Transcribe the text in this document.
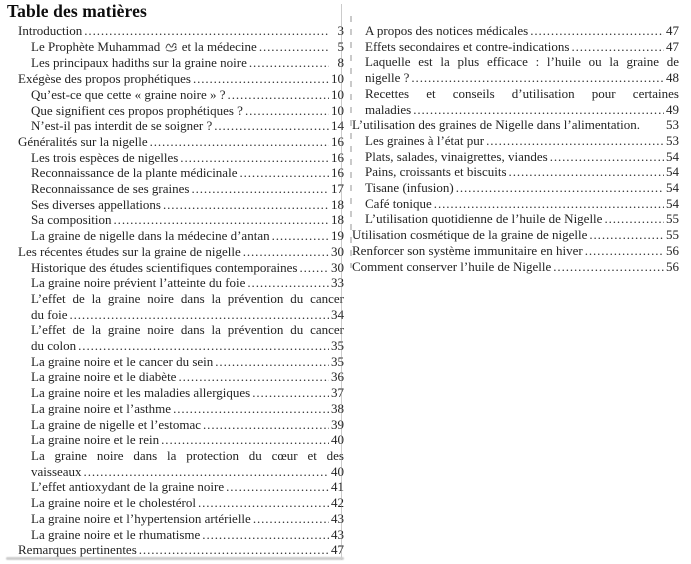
Table des matières
Introduction .....	3
Le Prophète Muhammad  et la médecine .....	5
Les principaux hadiths sur la graine noire .....	8
Exégèse des propos prophétiques .....	10
Qu’est-ce que cette « graine noire » ? .....	10
Que signifient ces propos prophétiques ? .....	10
N’est-il pas interdit de se soigner ? .....	14
Généralités sur la nigelle .....	16
Les trois espèces de nigelles .....	16
Reconnaissance de la plante médicinale .....	16
Reconnaissance de ses graines .....	17
Ses diverses appellations .....	18
Sa composition .....	18
La graine de nigelle dans la médecine d’antan .....	19
Les récentes études sur la graine de nigelle .....	30
Historique des études scientifiques contemporaines .....	30
La graine noire prévient l’atteinte du foie .....	33
L’effet de la graine noire dans la prévention du cancer
du foie .....	34
L’effet de la graine noire dans la prévention du cancer
du colon .....	35
La graine noire et le cancer du sein .....	35
La graine noire et le diabète .....	36
La graine noire et les maladies allergiques .....	37
La graine noire et l’asthme .....	38
La graine de nigelle et l’estomac .....	39
La graine noire et le rein .....	40
La graine noire dans la protection du cœur et des
vaisseaux .....	40
L’effet antioxydant de la graine noire .....	41
La graine noire et le cholestérol .....	42
La graine noire et l’hypertension artérielle .....	43
La graine noire et le rhumatisme .....	43
Remarques pertinentes .....	47
A propos des notices médicales .....	47
Effets secondaires et contre-indications .....	47
Laquelle est la plus efficace : l’huile ou la graine de
nigelle ? .....	48
Recettes et conseils d’utilisation pour certaines
maladies .....	49
L’utilisation des graines de Nigelle dans l’alimentation. 53
Les graines à l’état pur .....	53
Plats, salades, vinaigrettes, viandes .....	54
Pains, croissants et biscuits .....	54
Tisane (infusion) .....	54
Café tonique .....	54
L’utilisation quotidienne de l’huile de Nigelle .....	55
Utilisation cosmétique de la graine de nigelle .....	55
Renforcer son système immunitaire en hiver .....	56
Comment conserver l’huile de Nigelle .....	56
